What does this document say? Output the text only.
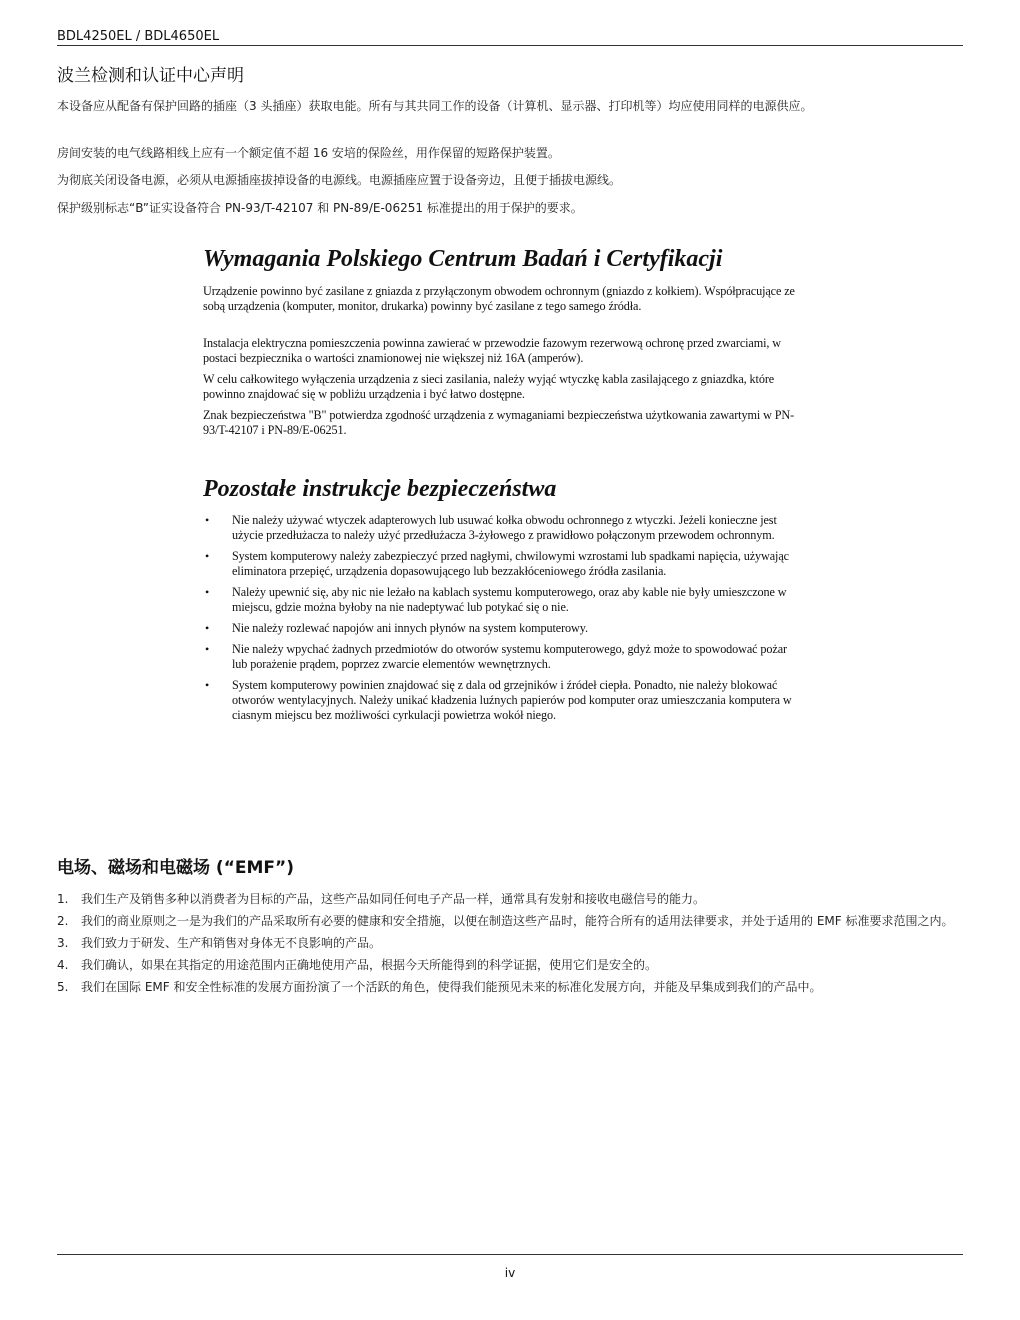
BDL4250EL / BDL4650EL
波兰检测和认证中心声明

本设备应从配备有保护回路的插座（3 头插座）获取电能。所有与其共同工作的设备（计算机、显示器、打印机等）均应使用同样的电源供应。

房间安装的电气线路相线上应有一个额定值不超 16 安培的保险丝，用作保留的短路保护装置。

为彻底关闭设备电源，必须从电源插座拔掉设备的电源线。电源插座应置于设备旁边，且便于插拔电源线。

保护级别标志“B”证实设备符合 PN-93/T-42107 和 PN-89/E-06251 标准提出的用于保护的要求。

Wymagania Polskiego Centrum Badań i Certyfikacji

Urządzenie powinno być zasilane z gniazda z przyłączonym obwodem ochronnym (gniazdo z kołkiem). Współpracujące ze sobą urządzenia (komputer, monitor, drukarka) powinny być zasilane z tego samego źródła.

Instalacja elektryczna pomieszczenia powinna zawierać w przewodzie fazowym rezerwową ochronę przed zwarciami, w postaci bezpiecznika o wartości znamionowej nie większej niż 16A (amperów).

W celu całkowitego wyłączenia urządzenia z sieci zasilania, należy wyjąć wtyczkę kabla zasilającego z gniazdka, które powinno znajdować się w pobliżu urządzenia i być łatwo dostępne.

Znak bezpieczeństwa "B" potwierdza zgodność urządzenia z wymaganiami bezpieczeństwa użytkowania zawartymi w PN-93/T-42107 i PN-89/E-06251.

Pozostałe instrukcje bezpieczeństwa
• Nie należy używać wtyczek adapterowych lub usuwać kołka obwodu ochronnego z wtyczki. Jeżeli konieczne jest użycie przedłużacza to należy użyć przedłużacza 3-żyłowego z prawidłowo połączonym przewodem ochronnym.
• System komputerowy należy zabezpieczyć przed nagłymi, chwilowymi wzrostami lub spadkami napięcia, używając eliminatora przepięć, urządzenia dopasowującego lub bezzakłóceniowego źródła zasilania.
• Należy upewnić się, aby nic nie leżało na kablach systemu komputerowego, oraz aby kable nie były umieszczone w miejscu, gdzie można byłoby na nie nadeptywać lub potykać się o nie.
• Nie należy rozlewać napojów ani innych płynów na system komputerowy.
• Nie należy wpychać żadnych przedmiotów do otworów systemu komputerowego, gdyż może to spowodować pożar lub porażenie prądem, poprzez zwarcie elementów wewnętrznych.
• System komputerowy powinien znajdować się z dala od grzejników i źródeł ciepła. Ponadto, nie należy blokować otworów wentylacyjnych. Należy unikać kładzenia luźnych papierów pod komputer oraz umieszczania komputera w ciasnym miejscu bez możliwości cyrkulacji powietrza wokół niego.
电场、磁场和电磁场 (“EMF”)
1. 我们生产及销售多种以消费者为目标的产品，这些产品如同任何电子产品一样，通常具有发射和接收电磁信号的能力。
2. 我们的商业原则之一是为我们的产品采取所有必要的健康和安全措施，以便在制造这些产品时，能符合所有的适用法律要求，并处于适用的 EMF 标准要求范围之内。
3. 我们致力于研发、生产和销售对身体无不良影响的产品。
4. 我们确认，如果在其指定的用途范围内正确地使用产品，根据今天所能得到的科学证据，使用它们是安全的。
5. 我们在国际 EMF 和安全性标准的发展方面扮演了一个活跃的角色，使得我们能预见未来的标准化发展方向，并能及早集成到我们的产品中。
iv
